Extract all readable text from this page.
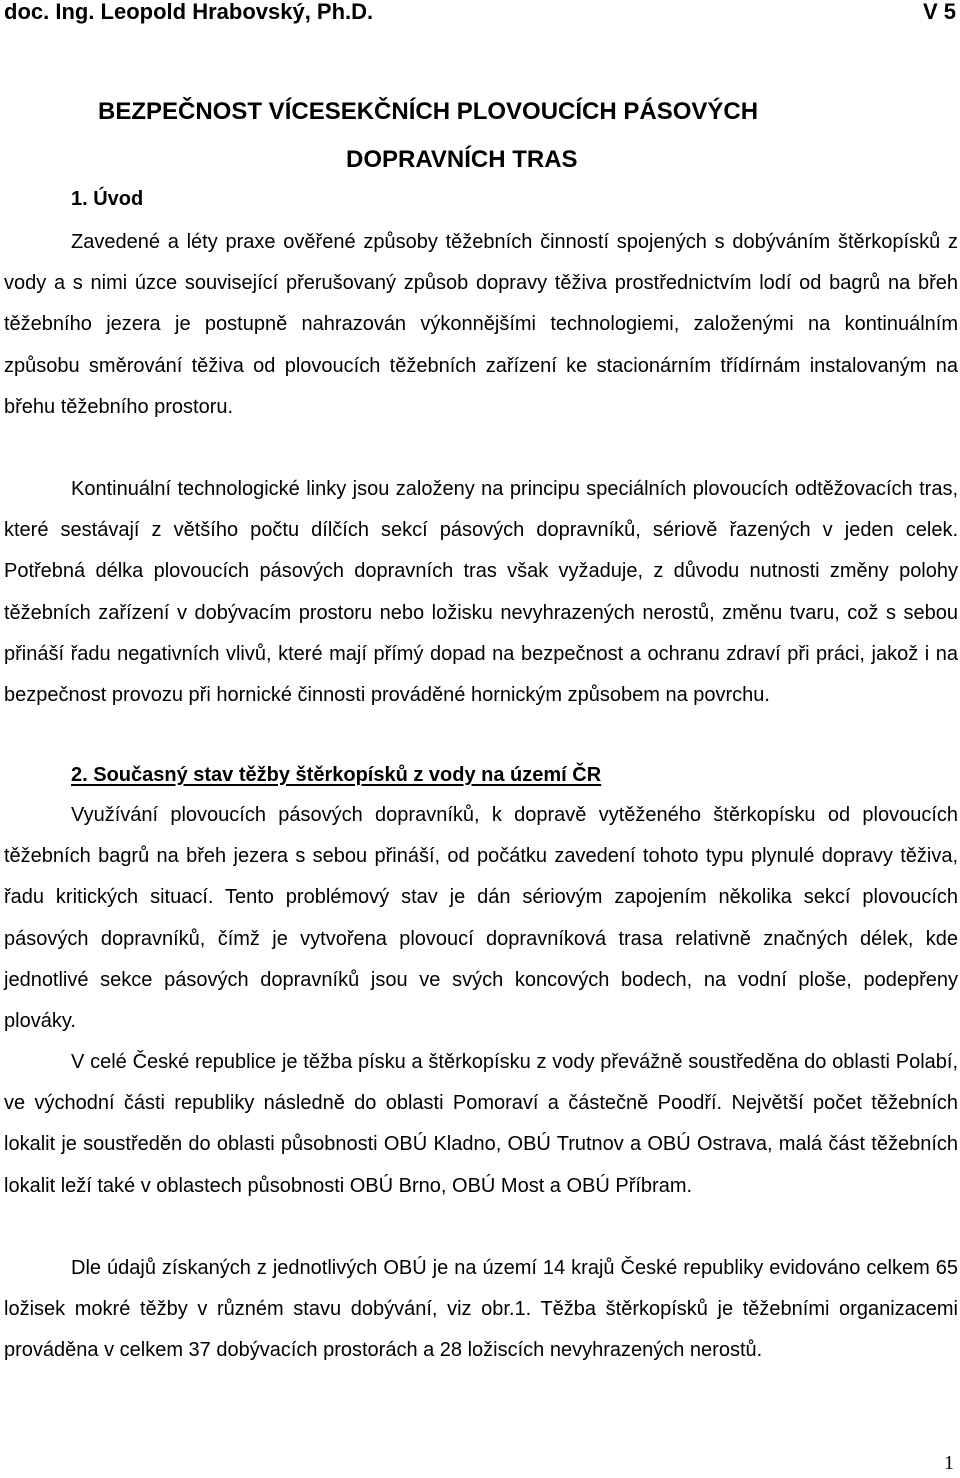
doc. Ing. Leopold Hrabovský, Ph.D.	V 5
BEZPEČNOST VÍCESEKČNÍCH PLOVOUCÍCH PÁSOVÝCH
DOPRAVNÍCH TRAS
1. Úvod

Zavedené a léty praxe ověřené způsoby těžebních činností spojených s dobýváním štěrkopísků z vody a s nimi úzce související přerušovaný způsob dopravy těživa prostřednictvím lodí od bagrů na břeh těžebního jezera je postupně nahrazován výkonnějšími technologiemi, založenými na kontinuálním způsobu směrování těživa od plovoucích těžebních zařízení ke stacionárním třídírnám instalovaným na břehu těžebního prostoru.

Kontinuální technologické linky jsou založeny na principu speciálních plovoucích odtěžovacích tras, které sestávají z většího počtu dílčích sekcí pásových dopravníků, sériově řazených v jeden celek. Potřebná délka plovoucích pásových dopravních tras však vyžaduje, z důvodu nutnosti změny polohy těžebních zařízení v dobývacím prostoru nebo ložisku nevyhrazených nerostů, změnu tvaru, což s sebou přináší řadu negativních vlivů, které mají přímý dopad na bezpečnost a ochranu zdraví při práci, jakož i na bezpečnost provozu při hornické činnosti prováděné hornickým způsobem na povrchu.

2. Současný stav těžby štěrkopísků z vody na území ČR

Využívání plovoucích pásových dopravníků, k dopravě vytěženého štěrkopísku od plovoucích těžebních bagrů na břeh jezera s sebou přináší, od počátku zavedení tohoto typu plynulé dopravy těživa, řadu kritických situací. Tento problémový stav je dán sériovým zapojením několika sekcí plovoucích pásových dopravníků, čímž je vytvořena plovoucí dopravníková trasa relativně značných délek, kde jednotlivé sekce pásových dopravníků jsou ve svých koncových bodech, na vodní ploše, podepřeny plováky.

V celé České republice je těžba písku a štěrkopísku z vody převážně soustředěna do oblasti Polabí, ve východní části republiky následně do oblasti Pomoraví a částečně Poodří. Největší počet těžebních lokalit je soustředěn do oblasti působnosti OBÚ Kladno, OBÚ Trutnov a OBÚ Ostrava, malá část těžebních lokalit leží také v oblastech působnosti OBÚ Brno, OBÚ Most a OBÚ Příbram.

Dle údajů získaných z jednotlivých OBÚ je na území 14 krajů České republiky evidováno celkem 65 ložisek mokré těžby v různém stavu dobývání, viz obr.1. Těžba štěrkopísků je těžebními organizacemi prováděna v celkem 37 dobývacích prostorách a 28 ložiscích nevyhrazených nerostů.

1
